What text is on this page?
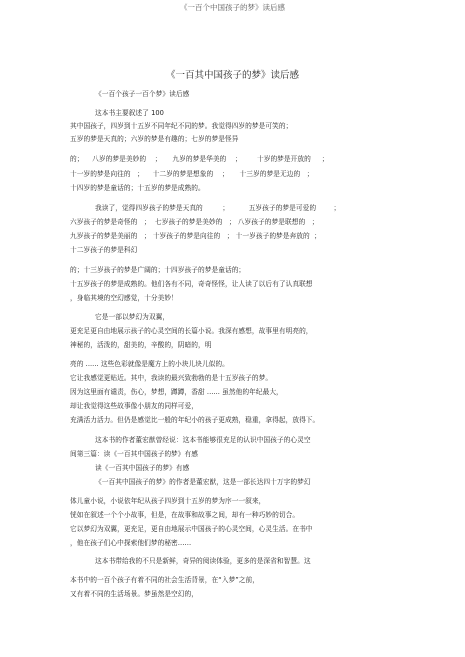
《一百个中国孩子的梦》读后感
《一百其中国孩子的梦》读后感
《一百个孩子一百个梦》读后感
这本书主要叙述了 100
其中国孩子，四岁到十五岁不同年纪不同的梦。我觉得四岁的梦是可笑的；
五岁的梦是天真的；六岁的梦是有趣的；七岁的梦是怪异
的；    八岁的梦是美妙的    ；     九岁的梦是华美的    ；       十岁的梦是开放的     ；
十一岁的梦是向往的   ；    十二岁的梦是想象的    ；     十三岁的梦是无边的   ；
十四岁的梦是童话的；十五岁的梦是成熟的。
我读了，觉得四岁孩子的梦是天真的         ；         五岁孩子的梦是可爱的        ；
六岁孩子的梦是奇怪的   ；  七岁孩子的梦是美妙的   ； 八岁孩子的梦是联想的   ；
九岁孩子的梦是美丽的   ； 十岁孩子的梦是向往的   ； 十一岁孩子的梦是奔放的  ；
十二岁孩子的梦是科幻
的；十三岁孩子的梦是广阔的；十四岁孩子的梦是童话的；
十五岁孩子的梦是成熟的。他们各有不同，奇奇怪怪，让人读了以后有了认真联想
，身临其境的空幻感觉，十分美妙！
它是一部以梦幻为双翼，
更充足更自由地展示孩子的心灵空间的长篇小说。我深有感想，故事里有明亮的，
神秘的，活泼的，甜美的，辛酸的，阴暗的，明
亮的 ...... 这些色彩就像是魔方上的小块儿块儿似的。
它让我感觉更贴近。其中，我读的最兴致勃勃的是十五岁孩子的梦。
因为这里面有谴责，伤心，梦想，蹲蹲，香甜 ...... 虽然他的年纪最大，
却让我觉得这些故事像小朋友的同样可爱，
充满活力活力。但仍是感觉比一般的年纪小的孩子更成熟，稳重，拿得起，放得下。
这本书的作者董宏猷曾经说：这本书能够很充足的认识中国孩子的心灵空
间第三篇：读《一百其中国孩子的梦》有感
读《一百其中国孩子的梦》有感
《一百其中国孩子的梦》的作者是董宏猷，这是一部长达四十万字的梦幻
体儿童小说，小说依年纪从孩子四岁到十五岁的梦为序一一叙来，
恍如在叙述一个个小故事，但是，在故事和故事之间，却有一种巧妙的切合。
它以梦幻为双翼，更充足，更自由地展示中国孩子的心灵空间，心灵生活。在书中
，他在孩子们心中探索他们梦的秘密……
这本书带给我的不只是新鲜，奇异的阅读体验，更多的是深省和智慧。这
本书中的一百个孩子有着不同的社会生活背景，在“入梦”之前，
又有着不同的生活场景。梦虽然是空幻的，
